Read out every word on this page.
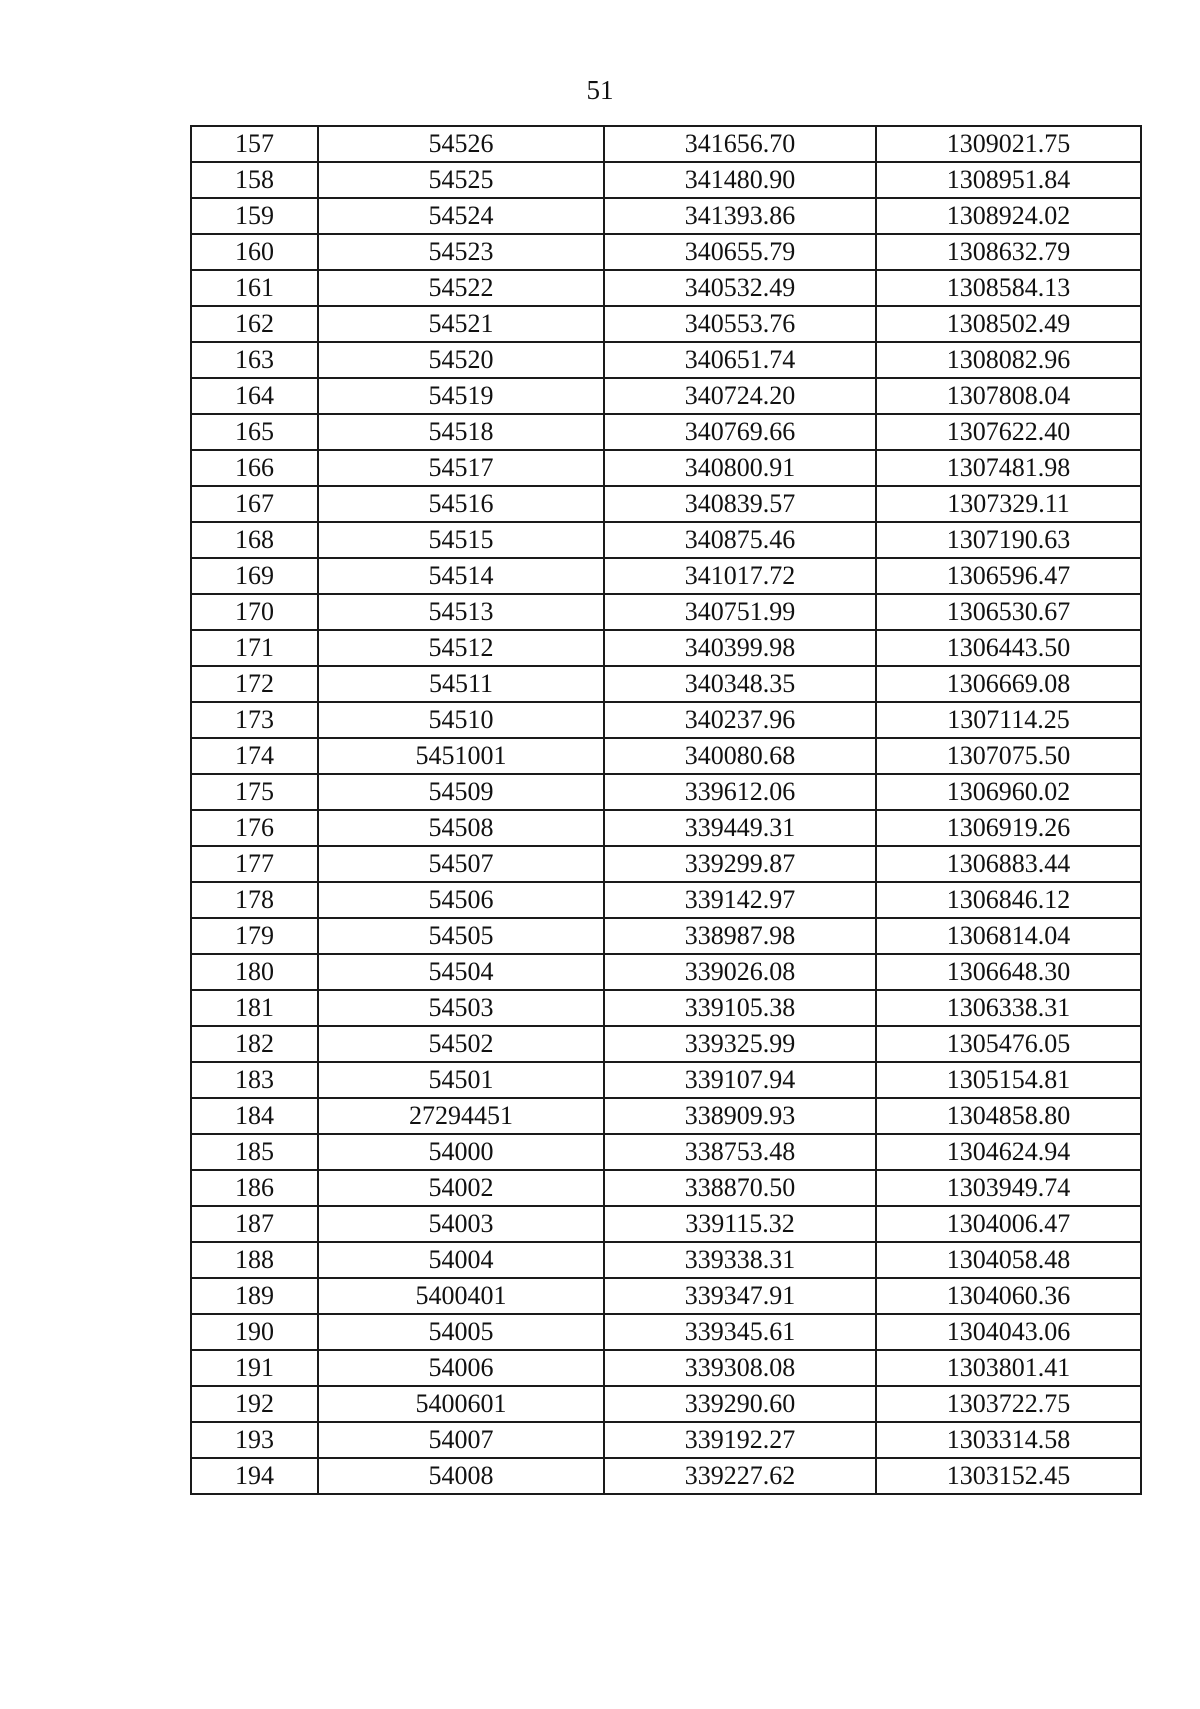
51
157	54526	341656.70	1309021.75
158	54525	341480.90	1308951.84
159	54524	341393.86	1308924.02
160	54523	340655.79	1308632.79
161	54522	340532.49	1308584.13
162	54521	340553.76	1308502.49
163	54520	340651.74	1308082.96
164	54519	340724.20	1307808.04
165	54518	340769.66	1307622.40
166	54517	340800.91	1307481.98
167	54516	340839.57	1307329.11
168	54515	340875.46	1307190.63
169	54514	341017.72	1306596.47
170	54513	340751.99	1306530.67
171	54512	340399.98	1306443.50
172	54511	340348.35	1306669.08
173	54510	340237.96	1307114.25
174	5451001	340080.68	1307075.50
175	54509	339612.06	1306960.02
176	54508	339449.31	1306919.26
177	54507	339299.87	1306883.44
178	54506	339142.97	1306846.12
179	54505	338987.98	1306814.04
180	54504	339026.08	1306648.30
181	54503	339105.38	1306338.31
182	54502	339325.99	1305476.05
183	54501	339107.94	1305154.81
184	27294451	338909.93	1304858.80
185	54000	338753.48	1304624.94
186	54002	338870.50	1303949.74
187	54003	339115.32	1304006.47
188	54004	339338.31	1304058.48
189	5400401	339347.91	1304060.36
190	54005	339345.61	1304043.06
191	54006	339308.08	1303801.41
192	5400601	339290.60	1303722.75
193	54007	339192.27	1303314.58
194	54008	339227.62	1303152.45
